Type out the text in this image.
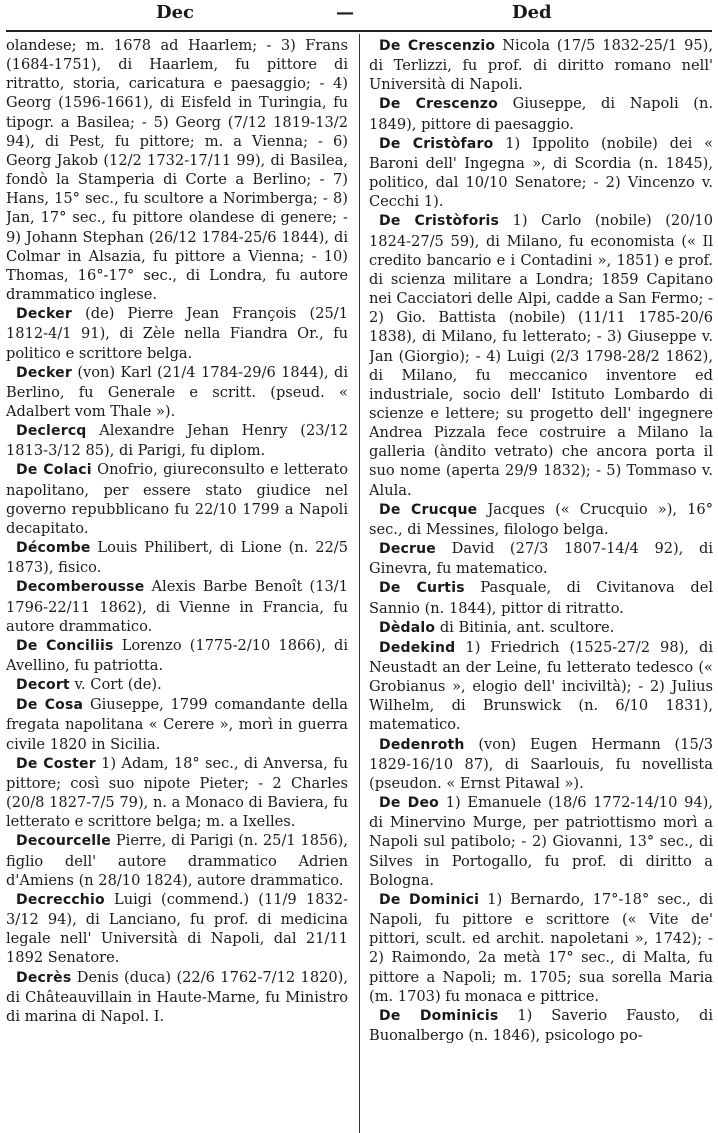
Dec	—	Ded

olandese; m. 1678 ad Haarlem; - 3) Frans (1684-1751), di Haarlem, fu pittore di ritratto, storia, caricatura e paesaggio; - 4) Georg (1596-1661), di Eisfeld in Turingia, fu tipogr. a Basilea; - 5) Georg (7/12 1819-13/2 94), di Pest, fu pittore; m. a Vienna; - 6) Georg Jakob (12/2 1732-17/11 99), di Basilea, fondò la Stamperia di Corte a Berlino; - 7) Hans, 15° sec., fu scultore a Norimberga; - 8) Jan, 17° sec., fu pittore olandese di genere; - 9) Johann Stephan (26/12 1784-25/6 1844), di Colmar in Alsazia, fu pittore a Vienna; - 10) Thomas, 16°-17° sec., di Londra, fu autore drammatico inglese.

Decker (de) Pierre Jean François (25/1 1812-4/1 91), di Zèle nella Fiandra Or., fu politico e scrittore belga.

Decker (von) Karl (21/4 1784-29/6 1844), di Berlino, fu Generale e scritt. (pseud. « Adalbert vom Thale »).

Declercq Alexandre Jehan Henry (23/12 1813-3/12 85), di Parigi, fu diplom.

De Colaci Onofrio, giureconsulto e letterato napolitano, per essere stato giudice nel governo repubblicano fu 22/10 1799 a Napoli decapitato.

Décombe Louis Philibert, di Lione (n. 22/5 1873), fisico.

Decomberousse Alexis Barbe Benoît (13/1 1796-22/11 1862), di Vienne in Francia, fu autore drammatico.

De Conciliis Lorenzo (1775-2/10 1866), di Avellino, fu patriotta.

Decort v. Cort (de).

De Cosa Giuseppe, 1799 comandante della fregata napolitana « Cerere », morì in guerra civile 1820 in Sicilia.

De Coster 1) Adam, 18° sec., di Anversa, fu pittore; così suo nipote Pieter; - 2 Charles (20/8 1827-7/5 79), n. a Monaco di Baviera, fu letterato e scrittore belga; m. a Ixelles.

Decourcelle Pierre, di Parigi (n. 25/1 1856), figlio dell' autore drammatico Adrien d'Amiens (n 28/10 1824), autore drammatico.

Decrecchio Luigi (commend.) (11/9 1832-3/12 94), di Lanciano, fu prof. di medicina legale nell' Università di Napoli, dal 21/11 1892 Senatore.

Decrès Denis (duca) (22/6 1762-7/12 1820), di Châteauvillain in Haute-Marne, fu Ministro di marina di Napol. I.

De Crescenzio Nicola (17/5 1832-25/1 95), di Terlizzi, fu prof. di diritto romano nell' Università di Napoli.

De Crescenzo Giuseppe, di Napoli (n. 1849), pittore di paesaggio.

De Cristòfaro 1) Ippolito (nobile) dei « Baroni dell' Ingegna », di Scordia (n. 1845), politico, dal 10/10 Senatore; - 2) Vincenzo v. Cecchi 1).

De Cristòforis 1) Carlo (nobile) (20/10 1824-27/5 59), di Milano, fu economista (« Il credito bancario e i Contadini », 1851) e prof. di scienza militare a Londra; 1859 Capitano nei Cacciatori delle Alpi, cadde a San Fermo; - 2) Gio. Battista (nobile) (11/11 1785-20/6 1838), di Milano, fu letterato; - 3) Giuseppe v. Jan (Giorgio); - 4) Luigi (2/3 1798-28/2 1862), di Milano, fu meccanico inventore ed industriale, socio dell' Istituto Lombardo di scienze e lettere; su progetto dell' ingegnere Andrea Pizzala fece costruire a Milano la galleria (àndito vetrato) che ancora porta il suo nome (aperta 29/9 1832); - 5) Tommaso v. Alula.

De Crucque Jacques (« Crucquio »), 16° sec., di Messines, filologo belga.

Decrue David (27/3 1807-14/4 92), di Ginevra, fu matematico.

De Curtis Pasquale, di Civitanova del Sannio (n. 1844), pittor di ritratto.

Dèdalo di Bitinia, ant. scultore.

Dedekind 1) Friedrich (1525-27/2 98), di Neustadt an der Leine, fu letterato tedesco (« Grobianus », elogio dell' inciviltà); - 2) Julius Wilhelm, di Brunswick (n. 6/10 1831), matematico.

Dedenroth (von) Eugen Hermann (15/3 1829-16/10 87), di Saarlouis, fu novellista (pseudon. « Ernst Pitawal »).

De Deo 1) Emanuele (18/6 1772-14/10 94), di Minervino Murge, per patriottismo morì a Napoli sul patibolo; - 2) Giovanni, 13° sec., di Silves in Portogallo, fu prof. di diritto a Bologna.

De Dominici 1) Bernardo, 17°-18° sec., di Napoli, fu pittore e scrittore (« Vite de' pittori, scult. ed archit. napoletani », 1742); - 2) Raimondo, 2a metà 17° sec., di Malta, fu pittore a Napoli; m. 1705; sua sorella Maria (m. 1703) fu monaca e pittrice.

De Dominicis 1) Saverio Fausto, di Buonalbergo (n. 1846), psicologo po-
